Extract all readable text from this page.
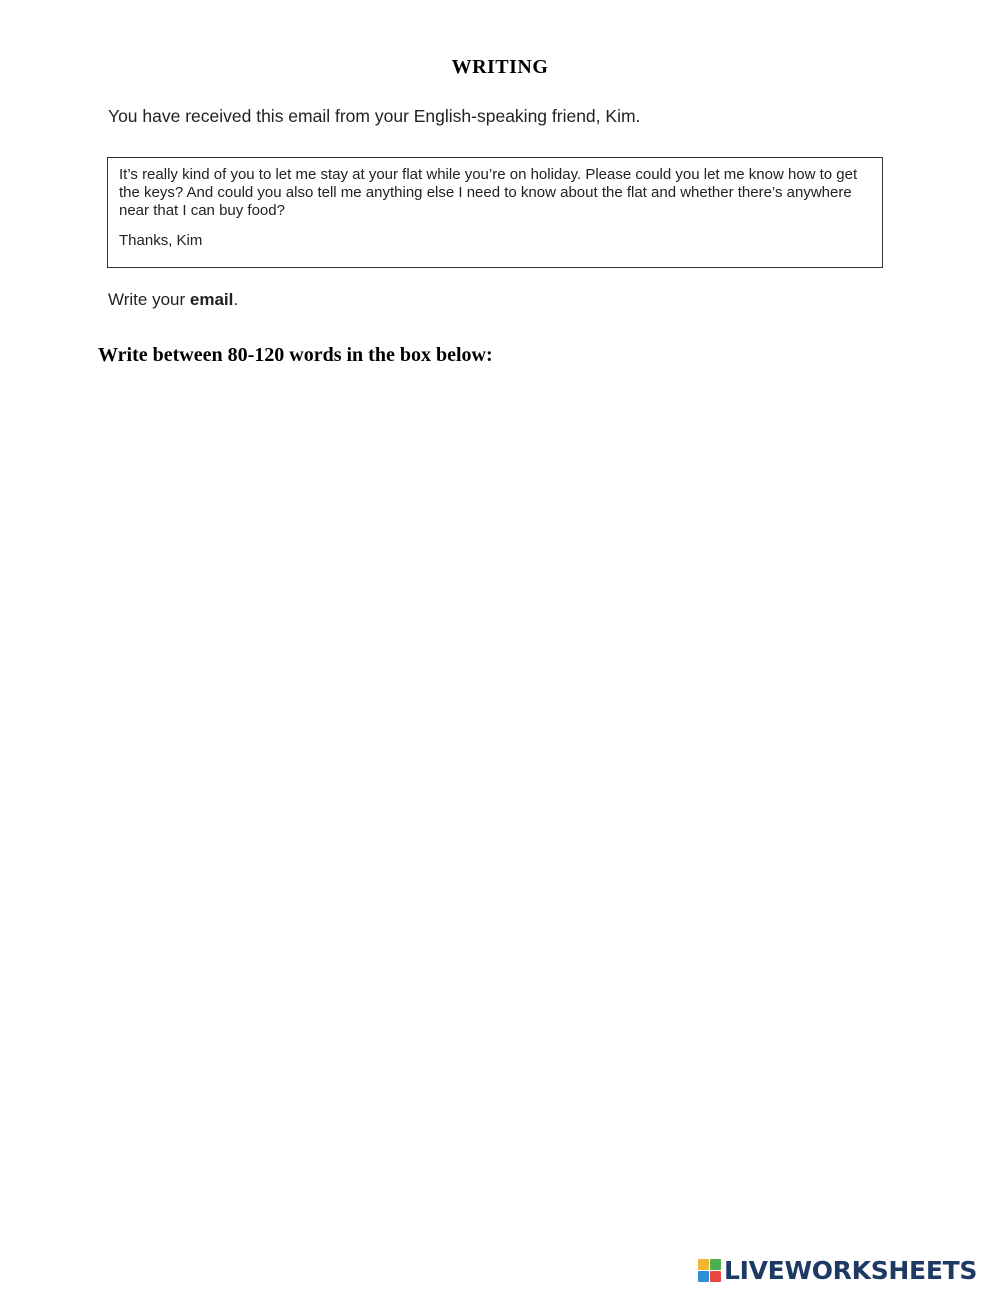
WRITING
You have received this email from your English-speaking friend, Kim.

It’s really kind of you to let me stay at your flat while you’re on holiday. Please could you let me know how to get the keys? And could you also tell me anything else I need to know about the flat and whether there’s anywhere near that I can buy food?

Thanks, Kim

Write your email.
Write between 80-120 words in the box below:
LIVEWORKSHEETS
